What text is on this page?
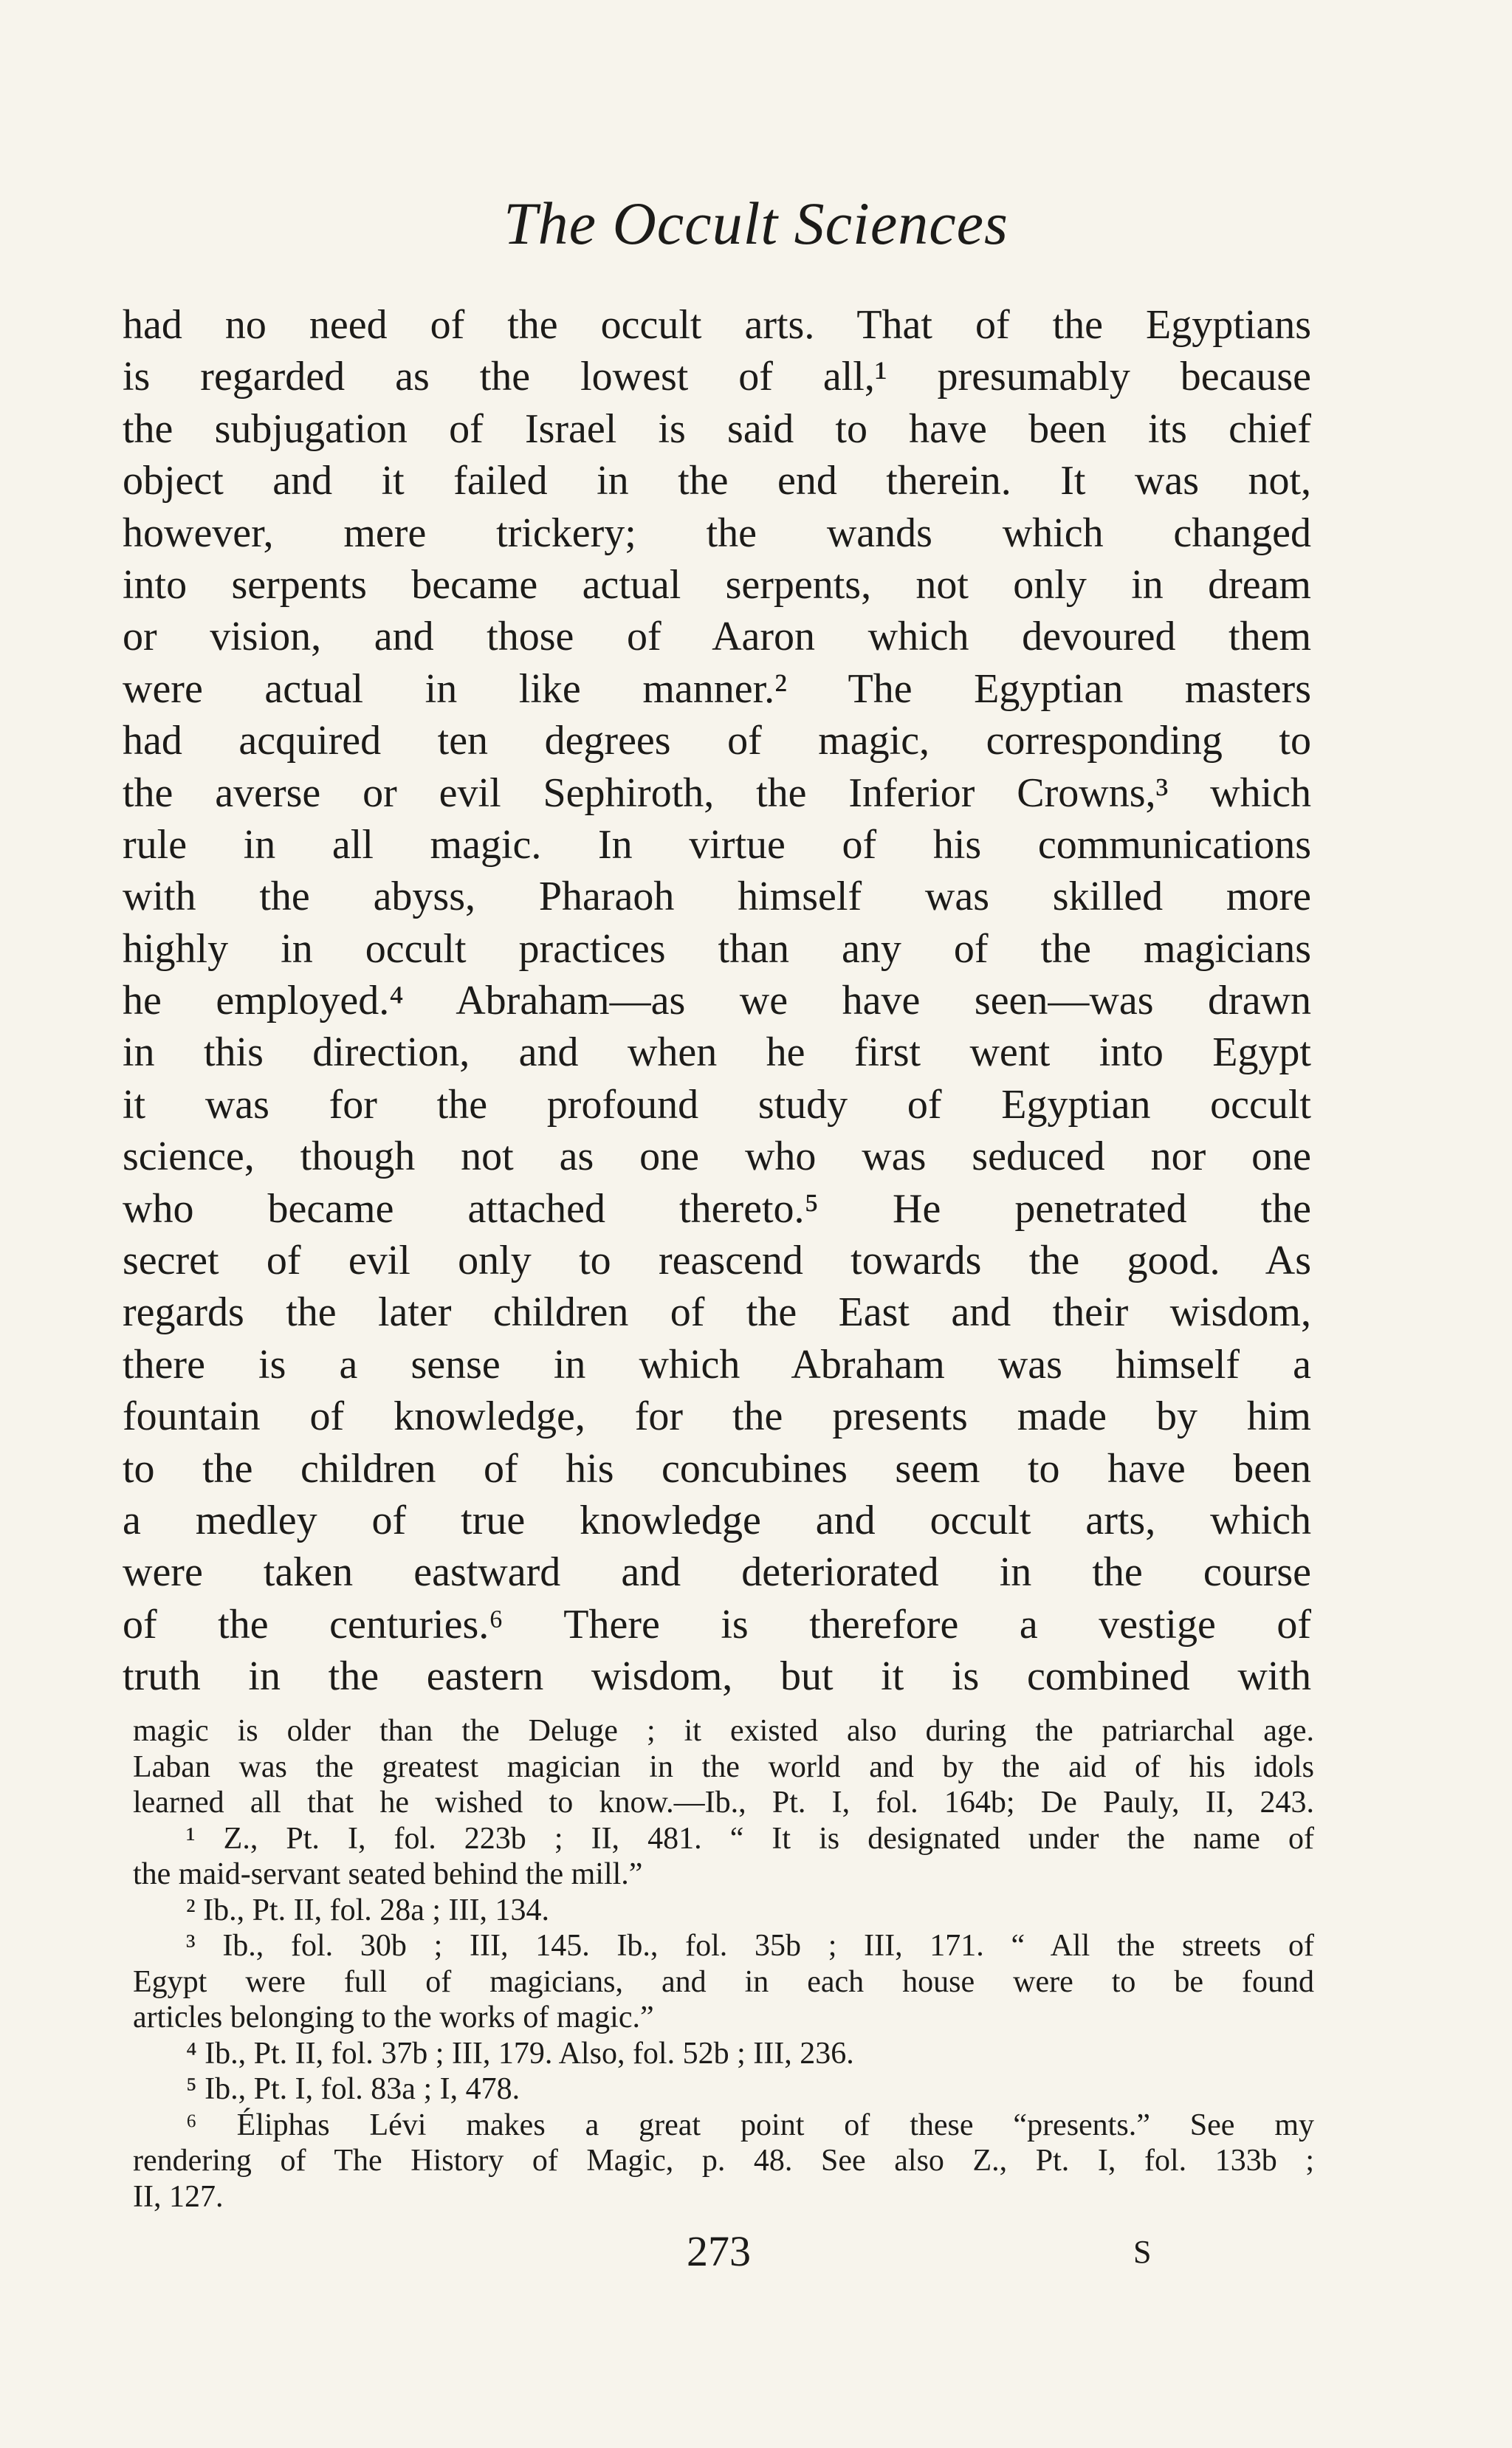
The Occult Sciences
had no need of the occult arts. That of the Egyptians
is regarded as the lowest of all,¹ presumably because
the subjugation of Israel is said to have been its chief
object and it failed in the end therein. It was not,
however, mere trickery; the wands which changed
into serpents became actual serpents, not only in dream
or vision, and those of Aaron which devoured them
were actual in like manner.² The Egyptian masters
had acquired ten degrees of magic, corresponding to
the averse or evil Sephiroth, the Inferior Crowns,³ which
rule in all magic. In virtue of his communications
with the abyss, Pharaoh himself was skilled more
highly in occult practices than any of the magicians
he employed.⁴ Abraham—as we have seen—was drawn
in this direction, and when he first went into Egypt
it was for the profound study of Egyptian occult
science, though not as one who was seduced nor one
who became attached thereto.⁵ He penetrated the
secret of evil only to reascend towards the good. As
regards the later children of the East and their wisdom,
there is a sense in which Abraham was himself a
fountain of knowledge, for the presents made by him
to the children of his concubines seem to have been
a medley of true knowledge and occult arts, which
were taken eastward and deteriorated in the course
of the centuries.⁶ There is therefore a vestige of
truth in the eastern wisdom, but it is combined with
magic is older than the Deluge ; it existed also during the patriarchal age.
Laban was the greatest magician in the world and by the aid of his idols
learned all that he wished to know.—Ib., Pt. I, fol. 164b; De Pauly, II, 243.
¹ Z., Pt. I, fol. 223b ; II, 481. “ It is designated under the name of
the maid-servant seated behind the mill.”
² Ib., Pt. II, fol. 28a ; III, 134.
³ Ib., fol. 30b ; III, 145. Ib., fol. 35b ; III, 171. “ All the streets of
Egypt were full of magicians, and in each house were to be found
articles belonging to the works of magic.”
⁴ Ib., Pt. II, fol. 37b ; III, 179. Also, fol. 52b ; III, 236.
⁵ Ib., Pt. I, fol. 83a ; I, 478.
⁶ Éliphas Lévi makes a great point of these “presents.” See my
rendering of The History of Magic, p. 48. See also Z., Pt. I, fol. 133b ;
II, 127.
273	S
